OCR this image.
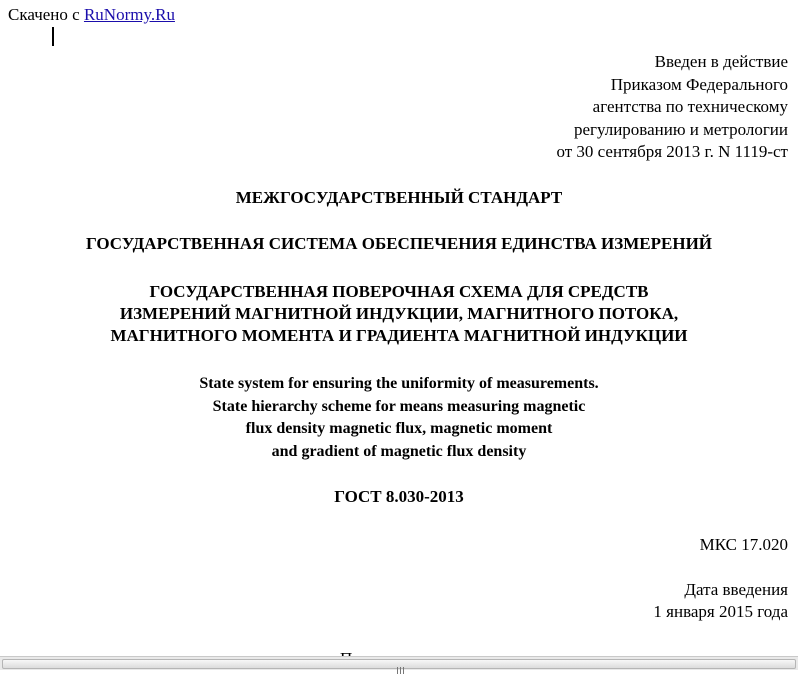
Скачено с RuNormy.Ru
Введен в действие
Приказом Федерального
агентства по техническому
регулированию и метрологии
от 30 сентября 2013 г. N 1119-ст
МЕЖГОСУДАРСТВЕННЫЙ СТАНДАРТ
ГОСУДАРСТВЕННАЯ СИСТЕМА ОБЕСПЕЧЕНИЯ ЕДИНСТВА ИЗМЕРЕНИЙ
ГОСУДАРСТВЕННАЯ ПОВЕРОЧНАЯ СХЕМА ДЛЯ СРЕДСТВ
ИЗМЕРЕНИЙ МАГНИТНОЙ ИНДУКЦИИ, МАГНИТНОГО ПОТОКА,
МАГНИТНОГО МОМЕНТА И ГРАДИЕНТА МАГНИТНОЙ ИНДУКЦИИ
State system for ensuring the uniformity of measurements.
State hierarchy scheme for means measuring magnetic
flux density magnetic flux, magnetic moment
and gradient of magnetic flux density
ГОСТ 8.030-2013
МКС 17.020
Дата введения
1 января 2015 года
